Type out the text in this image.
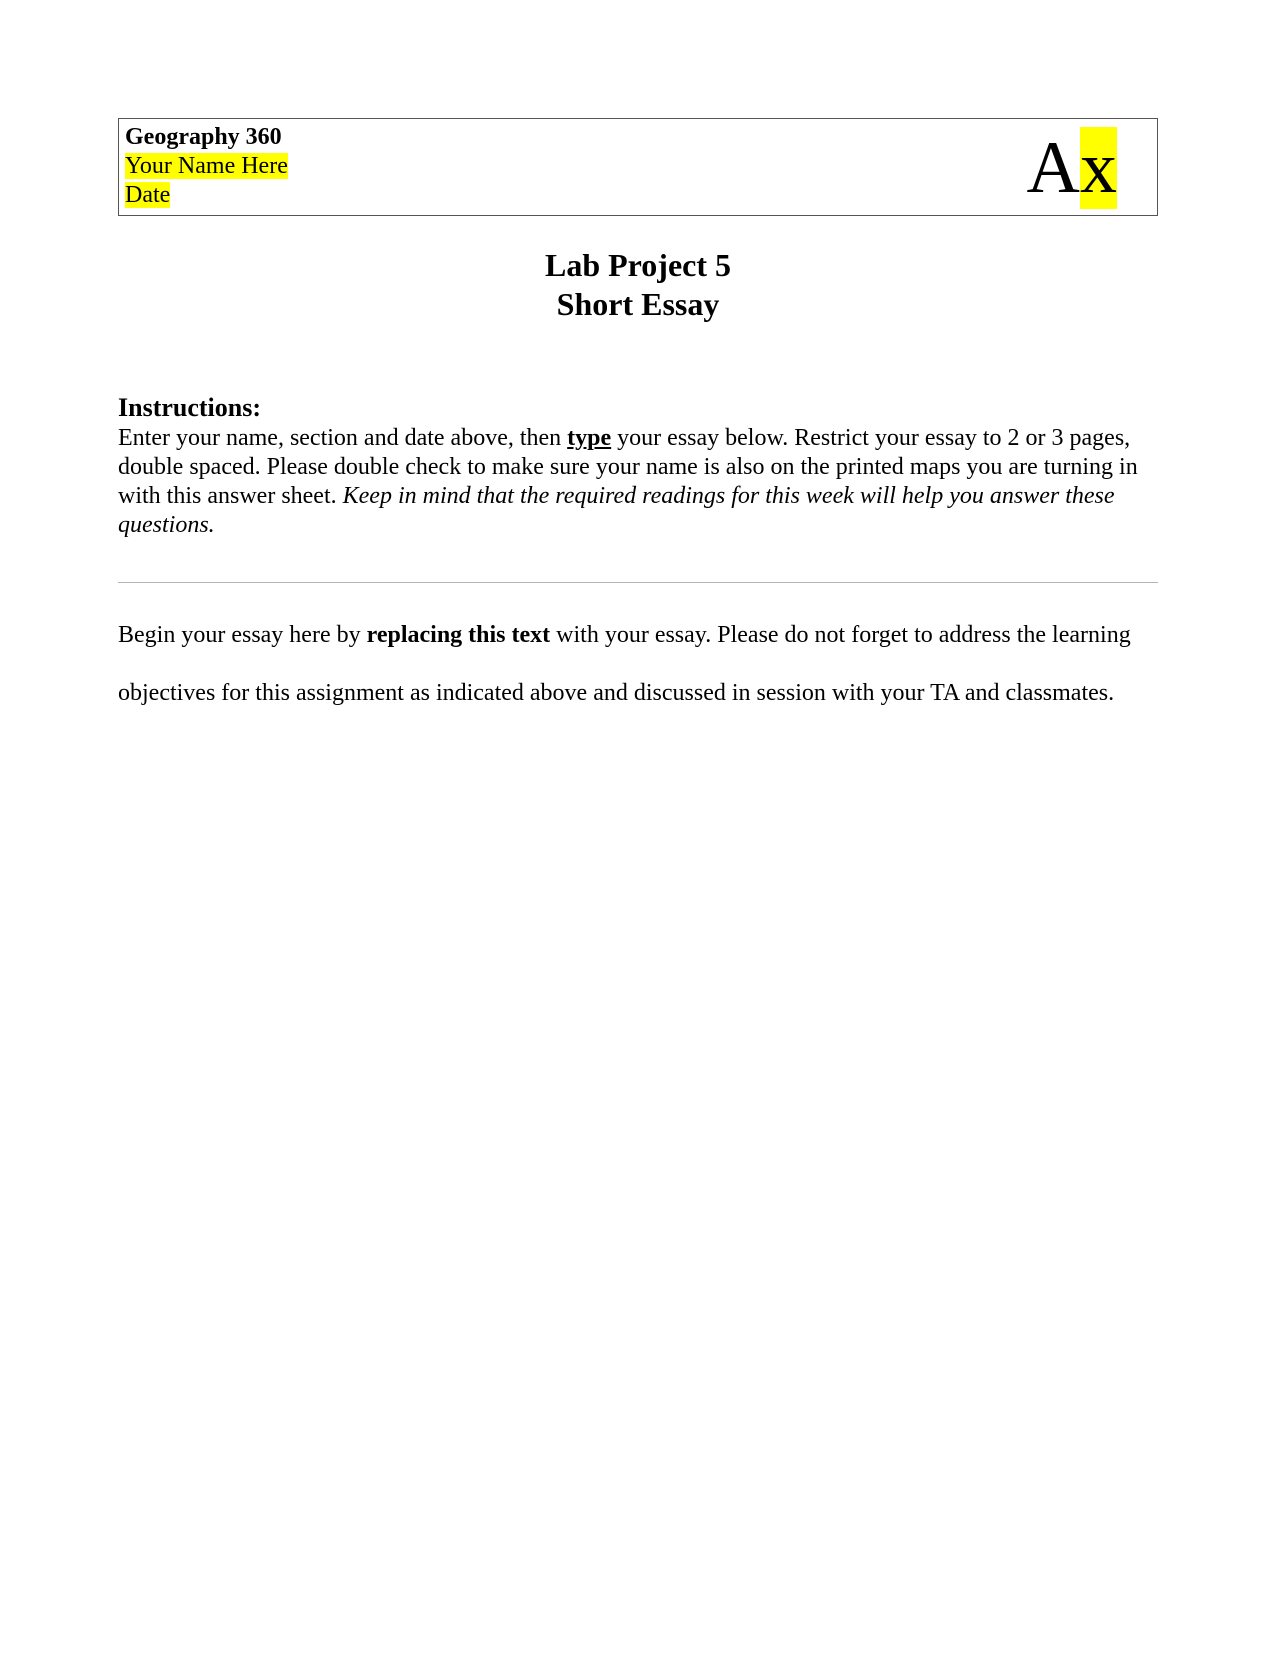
Geography 360
Your Name Here
Date	Ax
Lab Project 5
Short Essay
Instructions:

Enter your name, section and date above, then type your essay below. Restrict your essay to 2 or 3 pages, double spaced. Please double check to make sure your name is also on the printed maps you are turning in with this answer sheet. Keep in mind that the required readings for this week will help you answer these questions.

Begin your essay here by replacing this text with your essay. Please do not forget to address the learning objectives for this assignment as indicated above and discussed in session with your TA and classmates.
